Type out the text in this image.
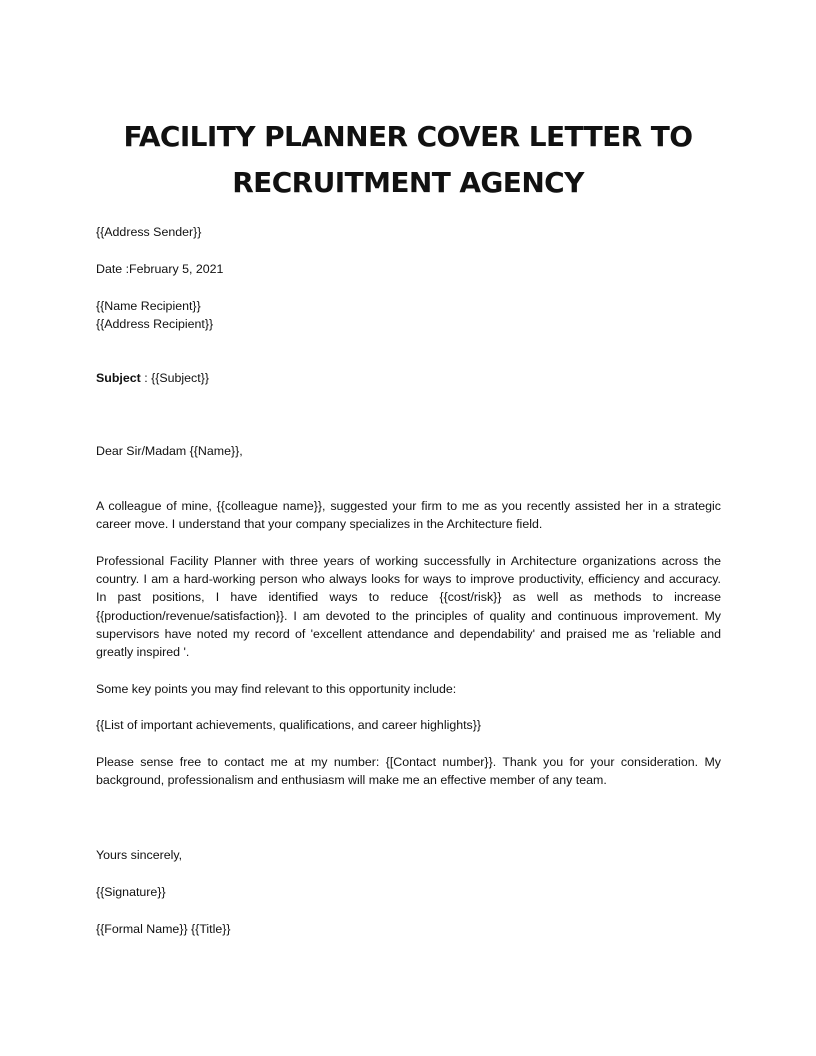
FACILITY PLANNER COVER LETTER TO
RECRUITMENT AGENCY
{{Address Sender}}
Date :February 5, 2021
{{Name Recipient}}
{{Address Recipient}}
Subject : {{Subject}}
Dear Sir/Madam {{Name}},

A colleague of mine, {{colleague name}}, suggested your firm to me as you recently assisted her in a strategic career move. I understand that your company specializes in the Architecture field.

Professional Facility Planner with three years of working successfully in Architecture organizations across the country. I am a hard-working person who always looks for ways to improve productivity, efficiency and accuracy. In past positions, I have identified ways to reduce {{cost/risk}} as well as methods to increase {{production/revenue/satisfaction}}. I am devoted to the principles of quality and continuous improvement. My supervisors have noted my record of 'excellent attendance and dependability' and praised me as 'reliable and greatly inspired '.

Some key points you may find relevant to this opportunity include:
{{List of important achievements, qualifications, and career highlights}}

Please sense free to contact me at my number: {[Contact number}}. Thank you for your consideration. My background, professionalism and enthusiasm will make me an effective member of any team.

Yours sincerely,
{{Signature}}
{{Formal Name}} {{Title}}
